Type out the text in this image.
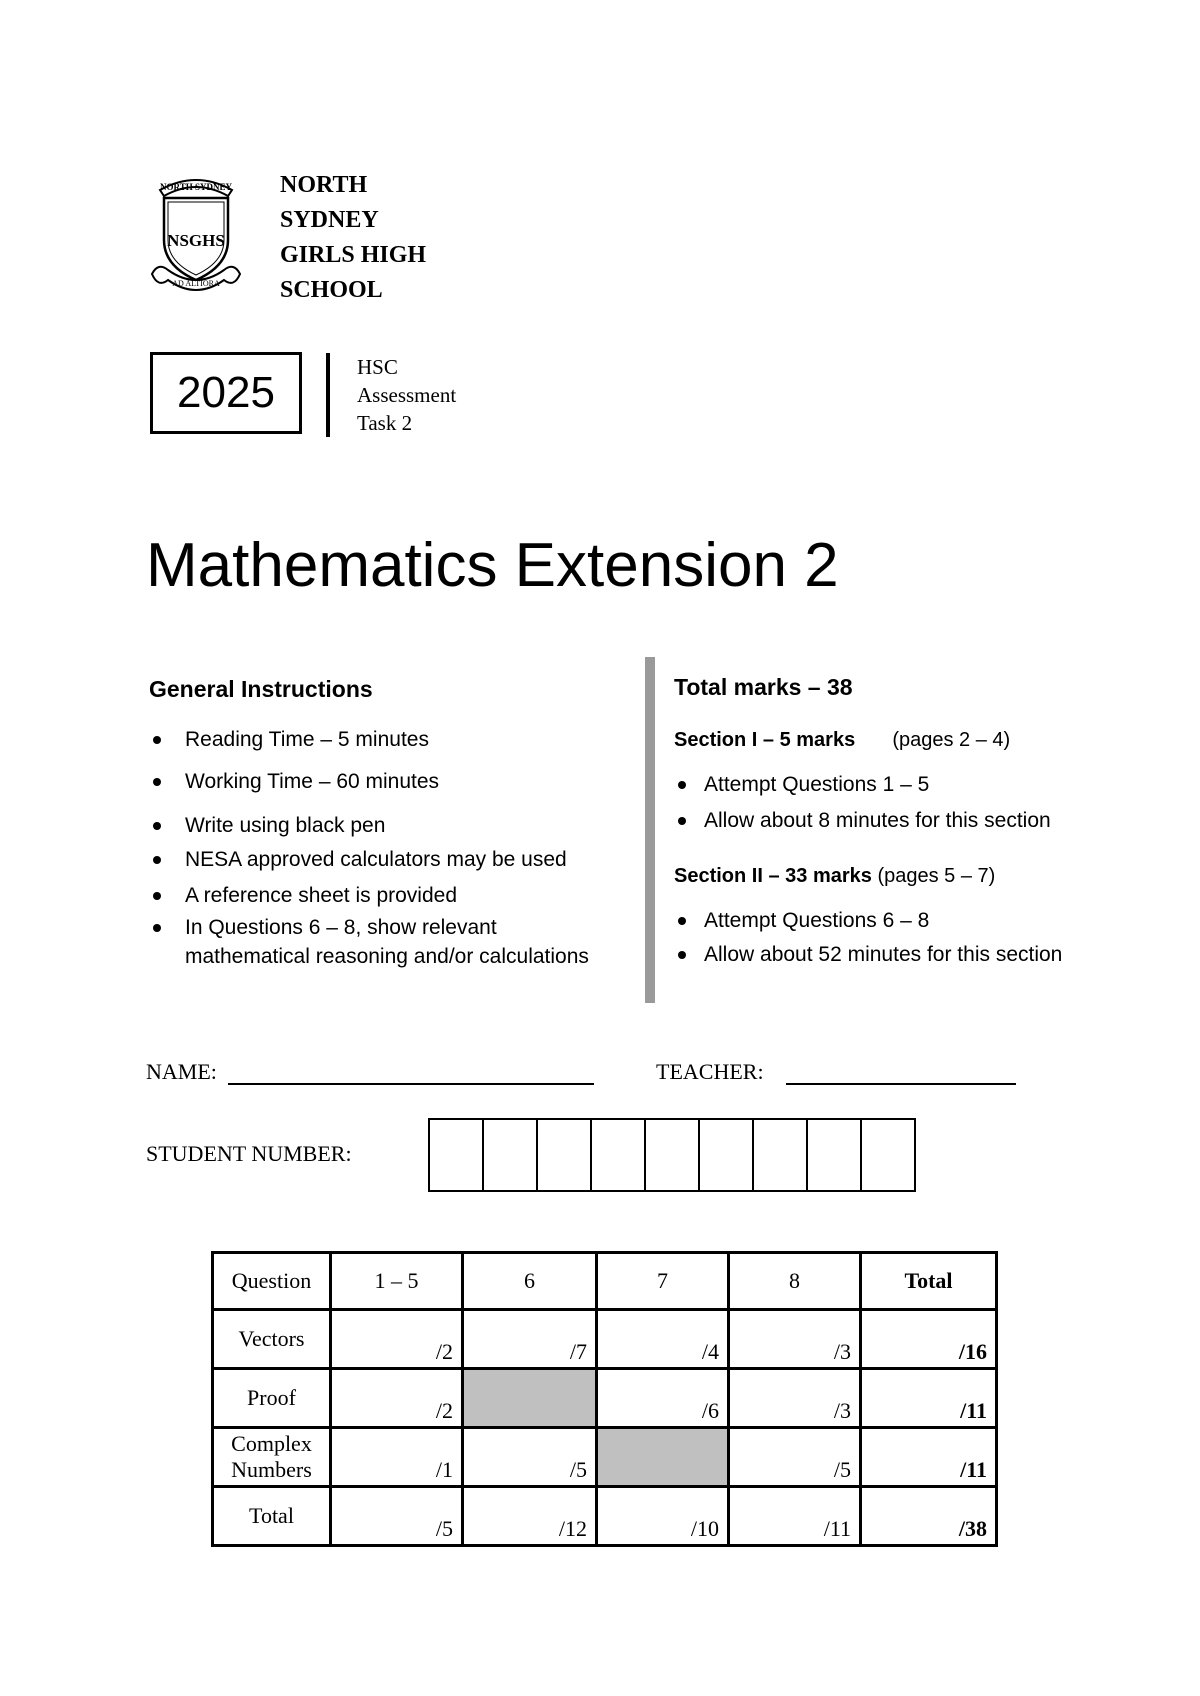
NORTH SYDNEY
NSGHS
AD ALTIORA
NORTH
SYDNEY
GIRLS HIGH
SCHOOL
2025
HSC
Assessment
Task 2
Mathematics Extension 2
General Instructions
Reading Time – 5 minutes
Working Time – 60 minutes
Write using black pen
NESA approved calculators may be used
A reference sheet is provided
In Questions 6 – 8, show relevant
mathematical reasoning and/or calculations
Total marks – 38
Section I – 5 marks (pages 2 – 4)
Section II – 33 marks (pages 5 – 7)
Attempt Questions 1 – 5
Allow about 8 minutes for this section
Attempt Questions 6 – 8
Allow about 52 minutes for this section
NAME:	TEACHER:
STUDENT NUMBER:
Question	1 – 5	6	7	8	Total
Vectors	/2	/7	/4	/3	/16
Proof	/2		/6	/3	/11

Complex
Numbers	/1	/5		/5	/11
Total	/5	/12	/10	/11	/38
